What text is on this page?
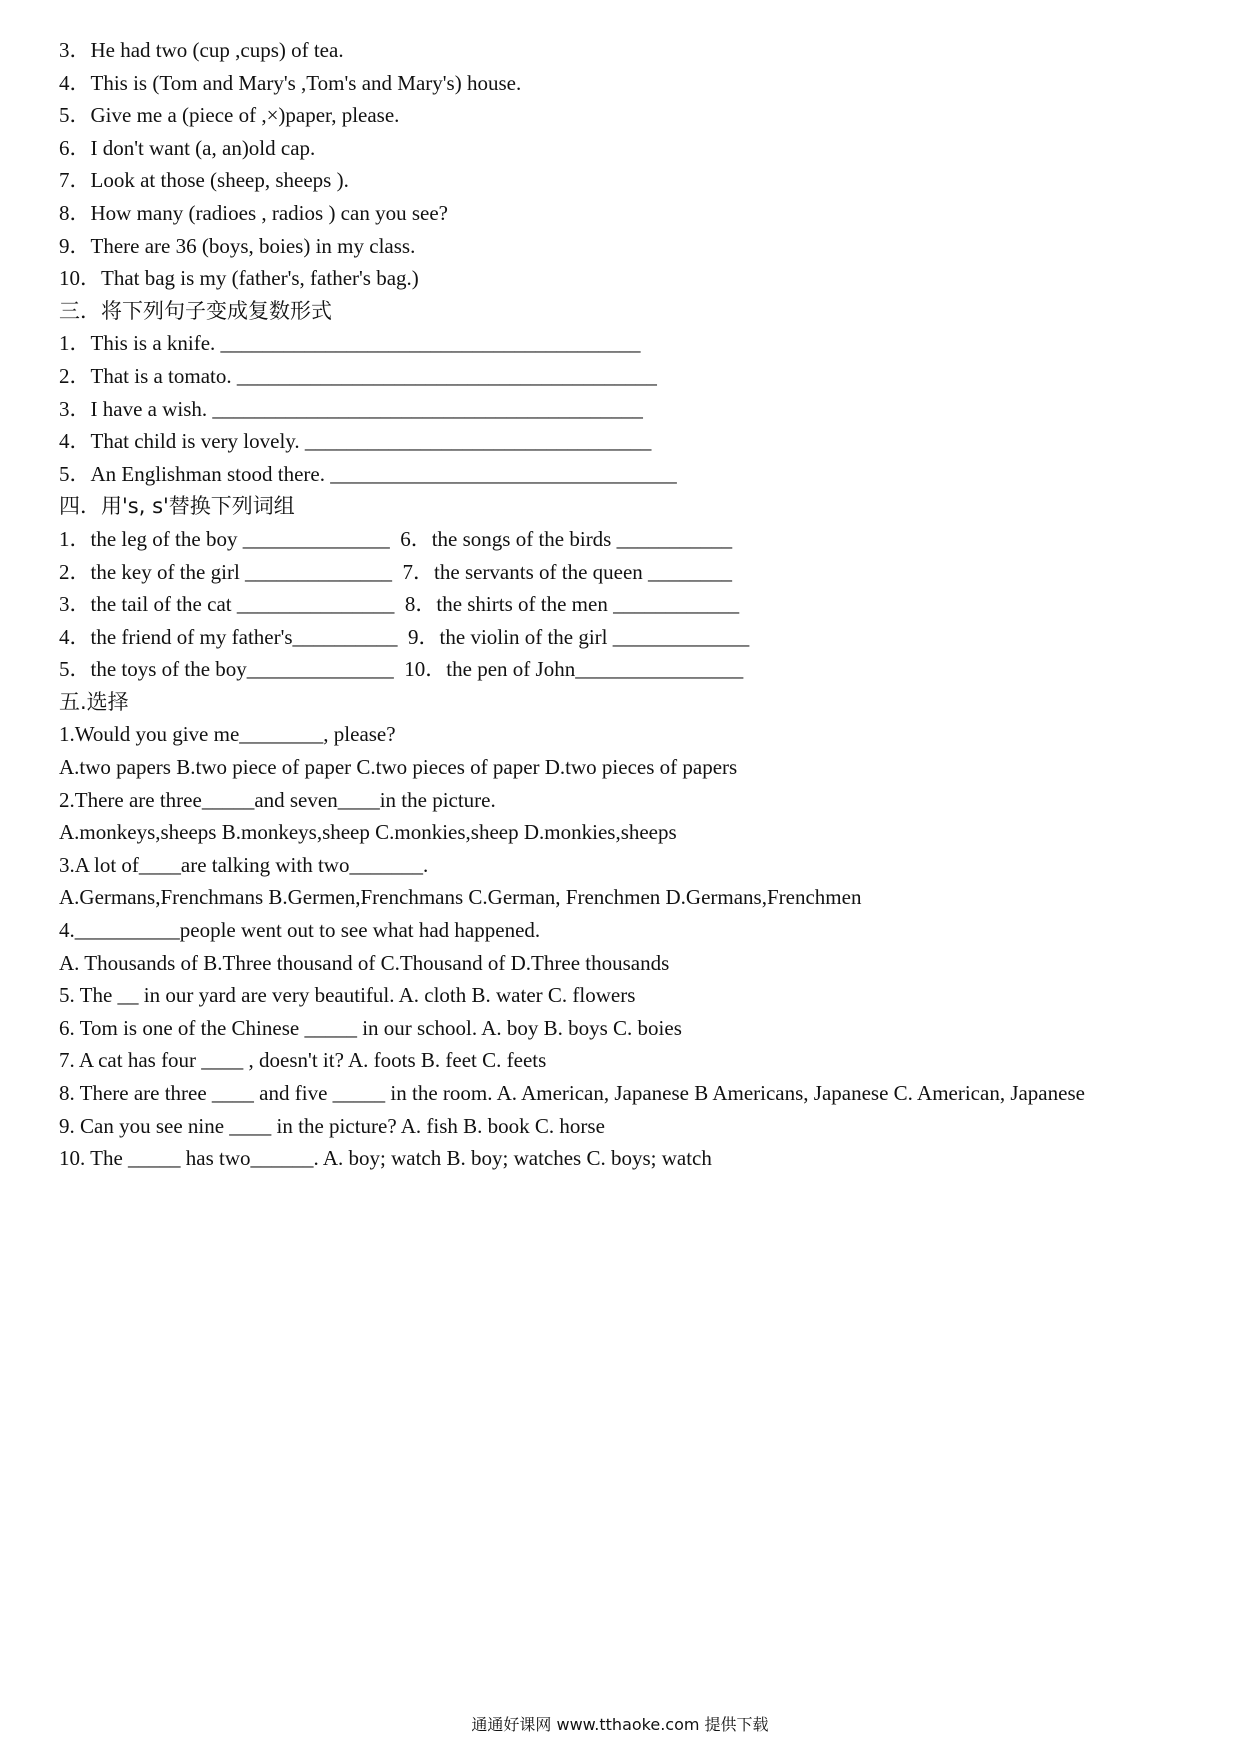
3．He had two (cup ,cups) of tea.
4．This is (Tom and Mary's ,Tom's and Mary's) house.
5．Give me a (piece of ,×)paper, please.
6．I don't want (a, an)old cap.
7．Look at those (sheep, sheeps ).
8．How many (radioes , radios ) can you see?
9．There are 36 (boys, boies) in my class.
10．That bag is my (father's, father's bag.)
三．将下列句子变成复数形式
1．This is a knife. ________________________________________
2．That is a tomato. ________________________________________
3．I have a wish. _________________________________________
4．That child is very lovely. _________________________________
5．An Englishman stood there. _________________________________
四．用's, s'替换下列词组
1．the leg of the boy ______________  6．the songs of the birds ___________
2．the key of the girl ______________  7．the servants of the queen ________
3．the tail of the cat _______________  8．the shirts of the men ____________
4．the friend of my father's__________  9．the violin of the girl _____________
5．the toys of the boy______________  10．the pen of John________________
五.选择
1.Would you give me________, please?
A.two papers B.two piece of paper C.two pieces of paper D.two pieces of papers
2.There are three_____and seven____in the picture.
A.monkeys,sheeps B.monkeys,sheep C.monkies,sheep D.monkies,sheeps
3.A lot of____are talking with two_______.
A.Germans,Frenchmans B.Germen,Frenchmans C.German, Frenchmen D.Germans,Frenchmen
4.__________people went out to see what had happened.
A. Thousands of B.Three thousand of C.Thousand of D.Three thousands
5. The __ in our yard are very beautiful. A. cloth B. water C. flowers
6. Tom is one of the Chinese _____ in our school. A. boy B. boys C. boies
7. A cat has four ____ , doesn't it? A. foots B. feet C. feets
8. There are three ____ and five _____ in the room. A. American, Japanese B Americans, Japanese C. American, Japanese
9. Can you see nine ____ in the picture? A. fish B. book C. horse
10. The _____ has two______. A. boy; watch B. boy; watches C. boys; watch
通通好课网 www.tthaoke.com 提供下载
